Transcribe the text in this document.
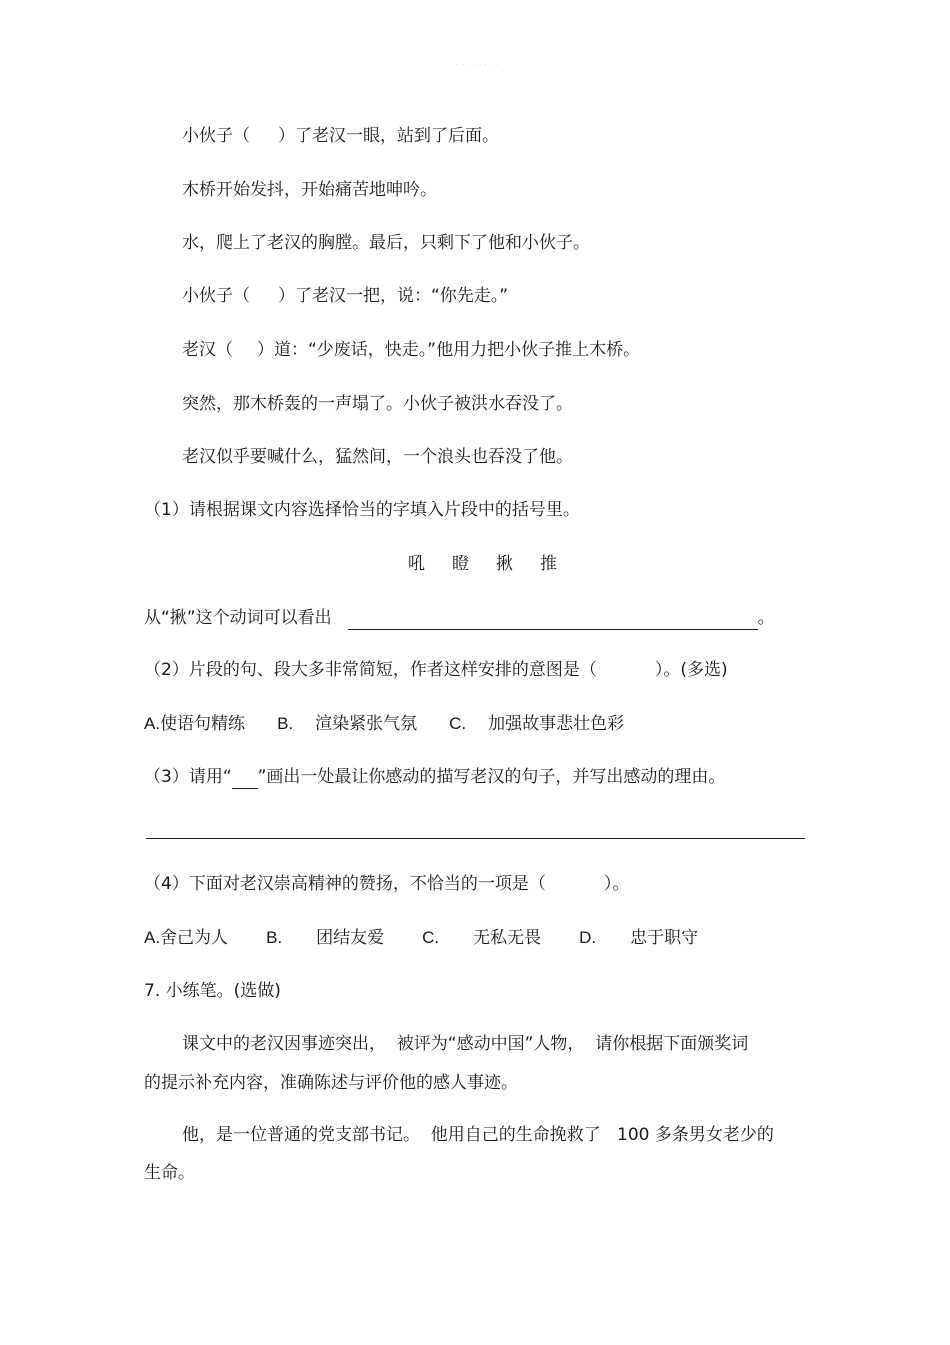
· · · · · · · ·
小伙子（ ）了老汉一眼，站到了后面。
木桥开始发抖，开始痛苦地呻吟。
水，爬上了老汉的胸膛。最后，只剩下了他和小伙子。
小伙子（ ）了老汉一把，说：“你先走。”
老汉（ ）道：“少废话，快走。”他用力把小伙子推上木桥。
突然，那木桥轰的一声塌了。小伙子被洪水吞没了。
老汉似乎要喊什么，猛然间，一个浪头也吞没了他。
（1）请根据课文内容选择恰当的字填入片段中的括号里。
吼 瞪 揪 推
从“揪”这个动词可以看出	。
（2）片段的句、段大多非常简短，作者这样安排的意图是（	）。(多选)
A.使语句精练 B. 渲染紧张气氛 C. 加强故事悲壮色彩
（3）请用“ ”画出一处最让你感动的描写老汉的句子，并写出感动的理由。
（4）下面对老汉崇高精神的赞扬，不恰当的一项是（	）。
A.舍己为人 B. 团结友爱 C. 无私无畏 D. 忠于职守
7. 小练笔。(选做)
课文中的老汉因事迹突出，  被评为“感动中国”人物，  请你根据下面颁奖词
的提示补充内容，准确陈述与评价他的感人事迹。
他，是一位普通的党支部书记。  他用自己的生命挽救了   100 多条男女老少的
生命。
